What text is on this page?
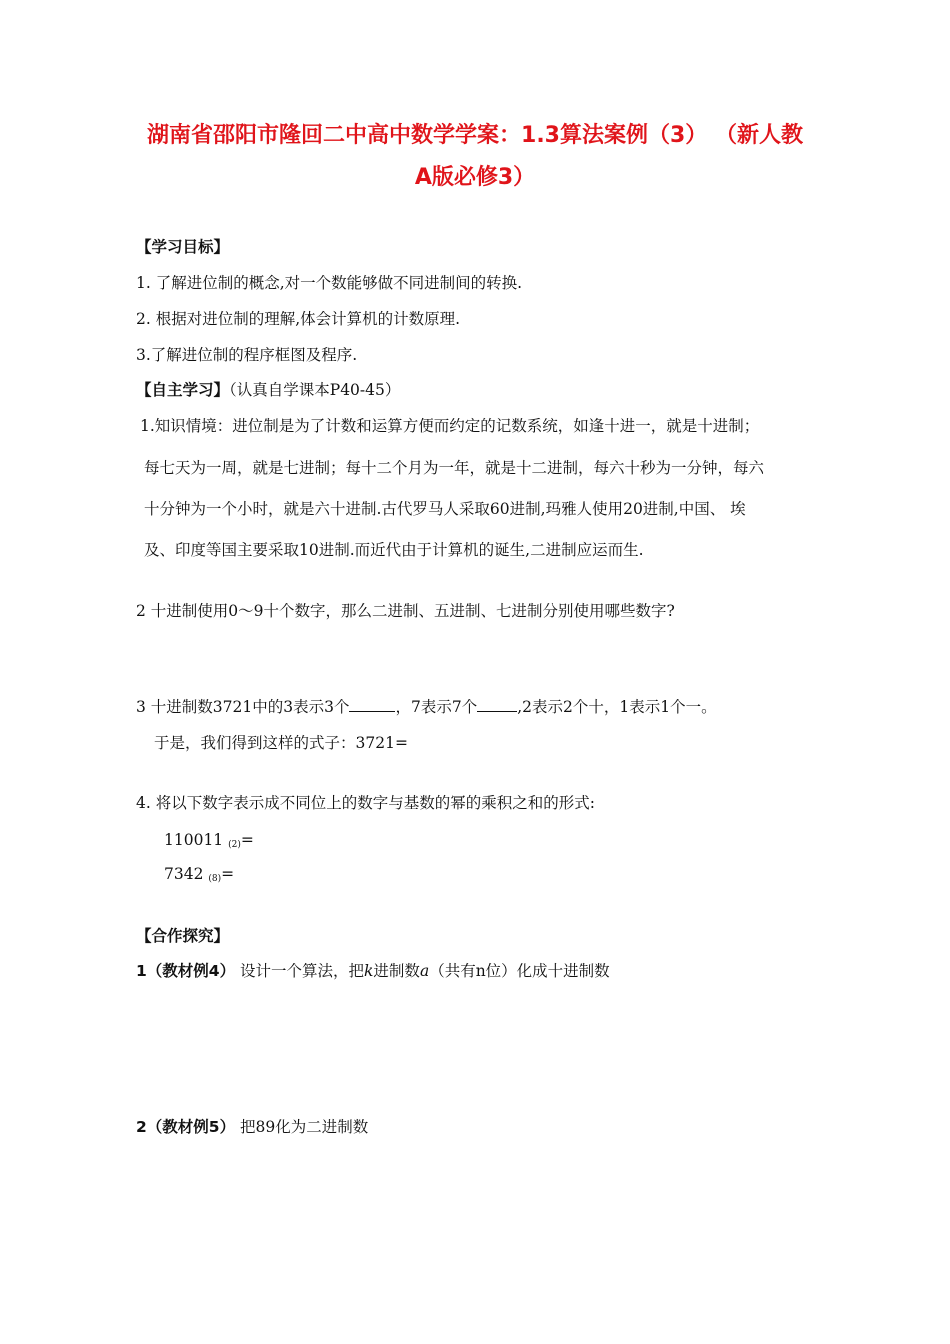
湖南省邵阳市隆回二中高中数学学案：1.3算法案例（3） （新人教
A版必修3）
【学习目标】
1. 了解进位制的概念,对一个数能够做不同进制间的转换.
2. 根据对进位制的理解,体会计算机的计数原理.
3.了解进位制的程序框图及程序.
【自主学习】（认真自学课本P40-45）
1.知识情境：进位制是为了计数和运算方便而约定的记数系统，如逢十进一，就是十进制；
每七天为一周，就是七进制；每十二个月为一年，就是十二进制，每六十秒为一分钟，每六
十分钟为一个小时，就是六十进制.古代罗马人采取60进制,玛雅人使用20进制,中国、 埃
及、印度等国主要采取10进制.而近代由于计算机的诞生,二进制应运而生.
2 十进制使用0～9十个数字，那么二进制、五进制、七进制分别使用哪些数字?
3 十进制数3721中的3表示3个	，7表示7个	,2表示2个十，1表示1个一。
于是，我们得到这样的式子：3721=
4. 将以下数字表示成不同位上的数字与基数的幂的乘积之和的形式:
110011 $_{(2)}$=
7342 $_{(8)}$=
【合作探究】
1（教材例4） 设计一个算法，把k进制数a（共有n位）化成十进制数
2（教材例5） 把89化为二进制数
